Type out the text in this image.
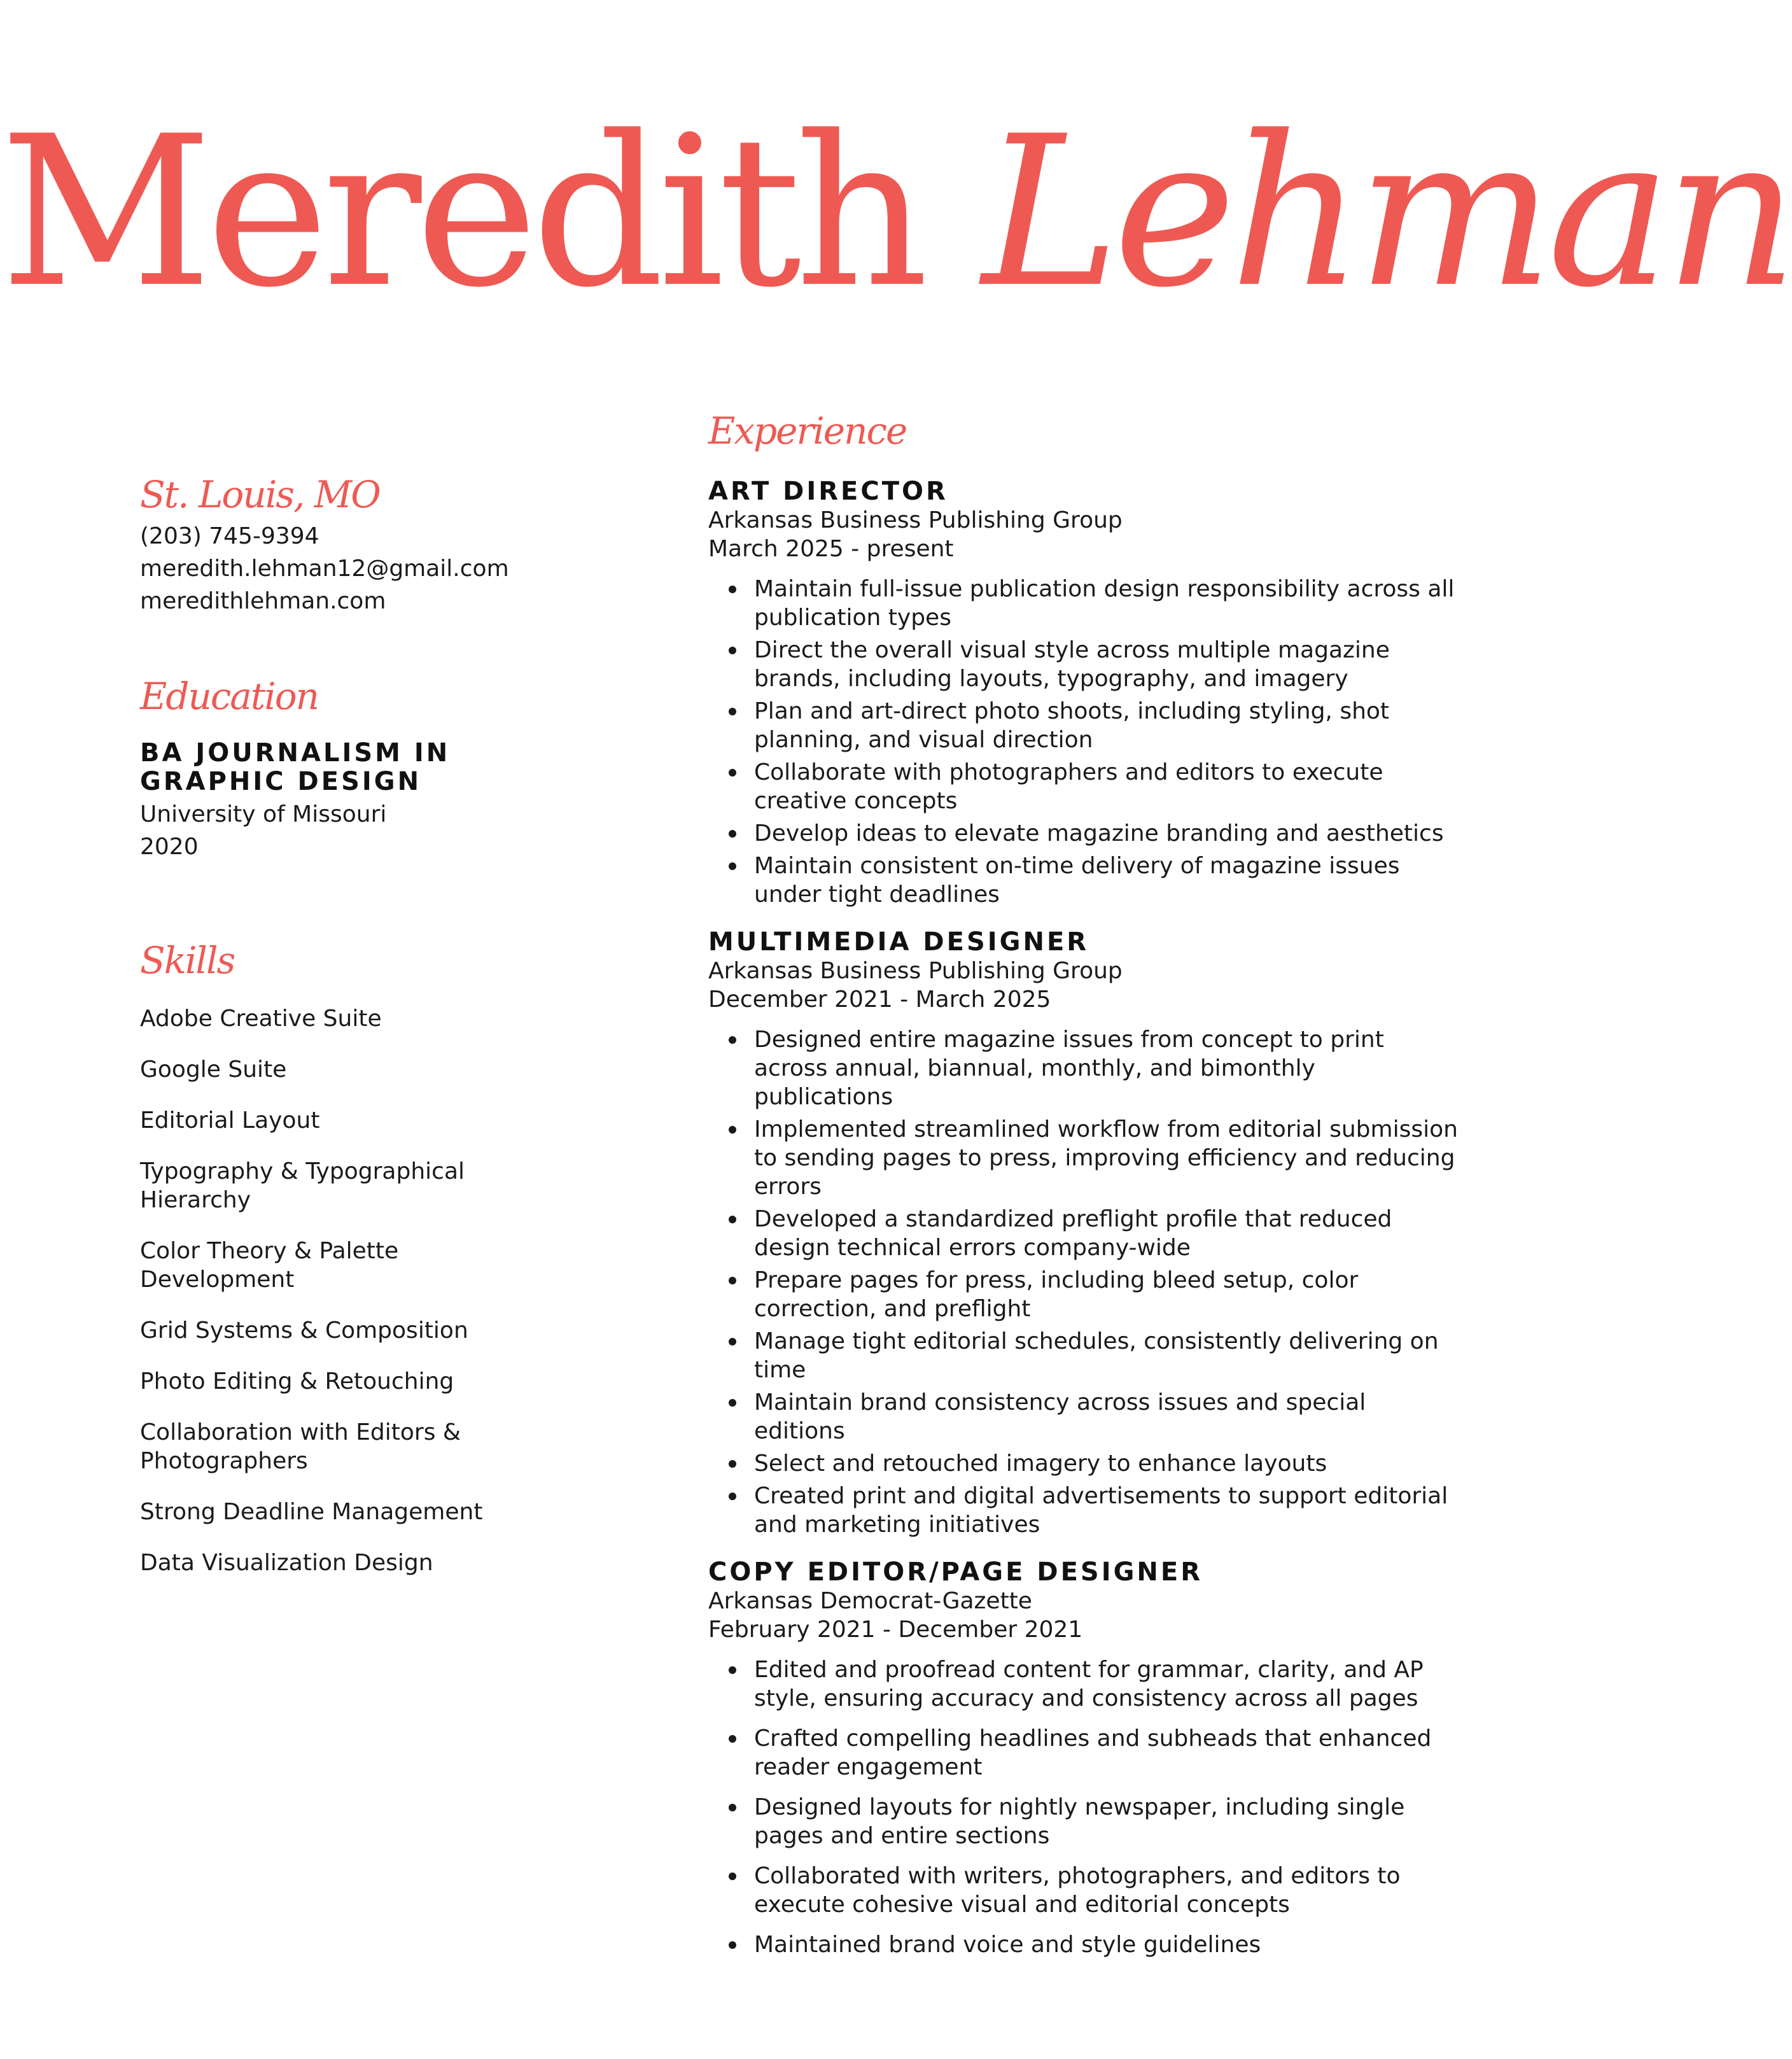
Meredith Lehman
St. Louis, MO
(203) 745-9394
meredith.lehman12@gmail.com
meredithlehman.com
Education
BA JOURNALISM IN GRAPHIC DESIGN
University of Missouri
2020
Skills
Adobe Creative Suite
Google Suite
Editorial Layout
Typography & Typographical Hierarchy
Color Theory & Palette Development
Grid Systems & Composition
Photo Editing & Retouching
Collaboration with Editors & Photographers
Strong Deadline Management
Data Visualization Design
Experience
ART DIRECTOR
Arkansas Business Publishing Group
March 2025 - present
Maintain full-issue publication design responsibility across all publication types
Direct the overall visual style across multiple magazine brands, including layouts, typography, and imagery
Plan and art-direct photo shoots, including styling, shot planning, and visual direction
Collaborate with photographers and editors to execute creative concepts
Develop ideas to elevate magazine branding and aesthetics
Maintain consistent on-time delivery of magazine issues under tight deadlines
MULTIMEDIA DESIGNER
Arkansas Business Publishing Group
December 2021 - March 2025
Designed entire magazine issues from concept to print across annual, biannual, monthly, and bimonthly publications
Implemented streamlined workflow from editorial submission to sending pages to press, improving efficiency and reducing errors
Developed a standardized preflight profile that reduced design technical errors company-wide
Prepare pages for press, including bleed setup, color correction, and preflight
Manage tight editorial schedules, consistently delivering on time
Maintain brand consistency across issues and special editions
Select and retouched imagery to enhance layouts
Created print and digital advertisements to support editorial and marketing initiatives
COPY EDITOR/PAGE DESIGNER
Arkansas Democrat-Gazette
February 2021 - December 2021
Edited and proofread content for grammar, clarity, and AP style, ensuring accuracy and consistency across all pages
Crafted compelling headlines and subheads that enhanced reader engagement
Designed layouts for nightly newspaper, including single pages and entire sections
Collaborated with writers, photographers, and editors to execute cohesive visual and editorial concepts
Maintained brand voice and style guidelines
